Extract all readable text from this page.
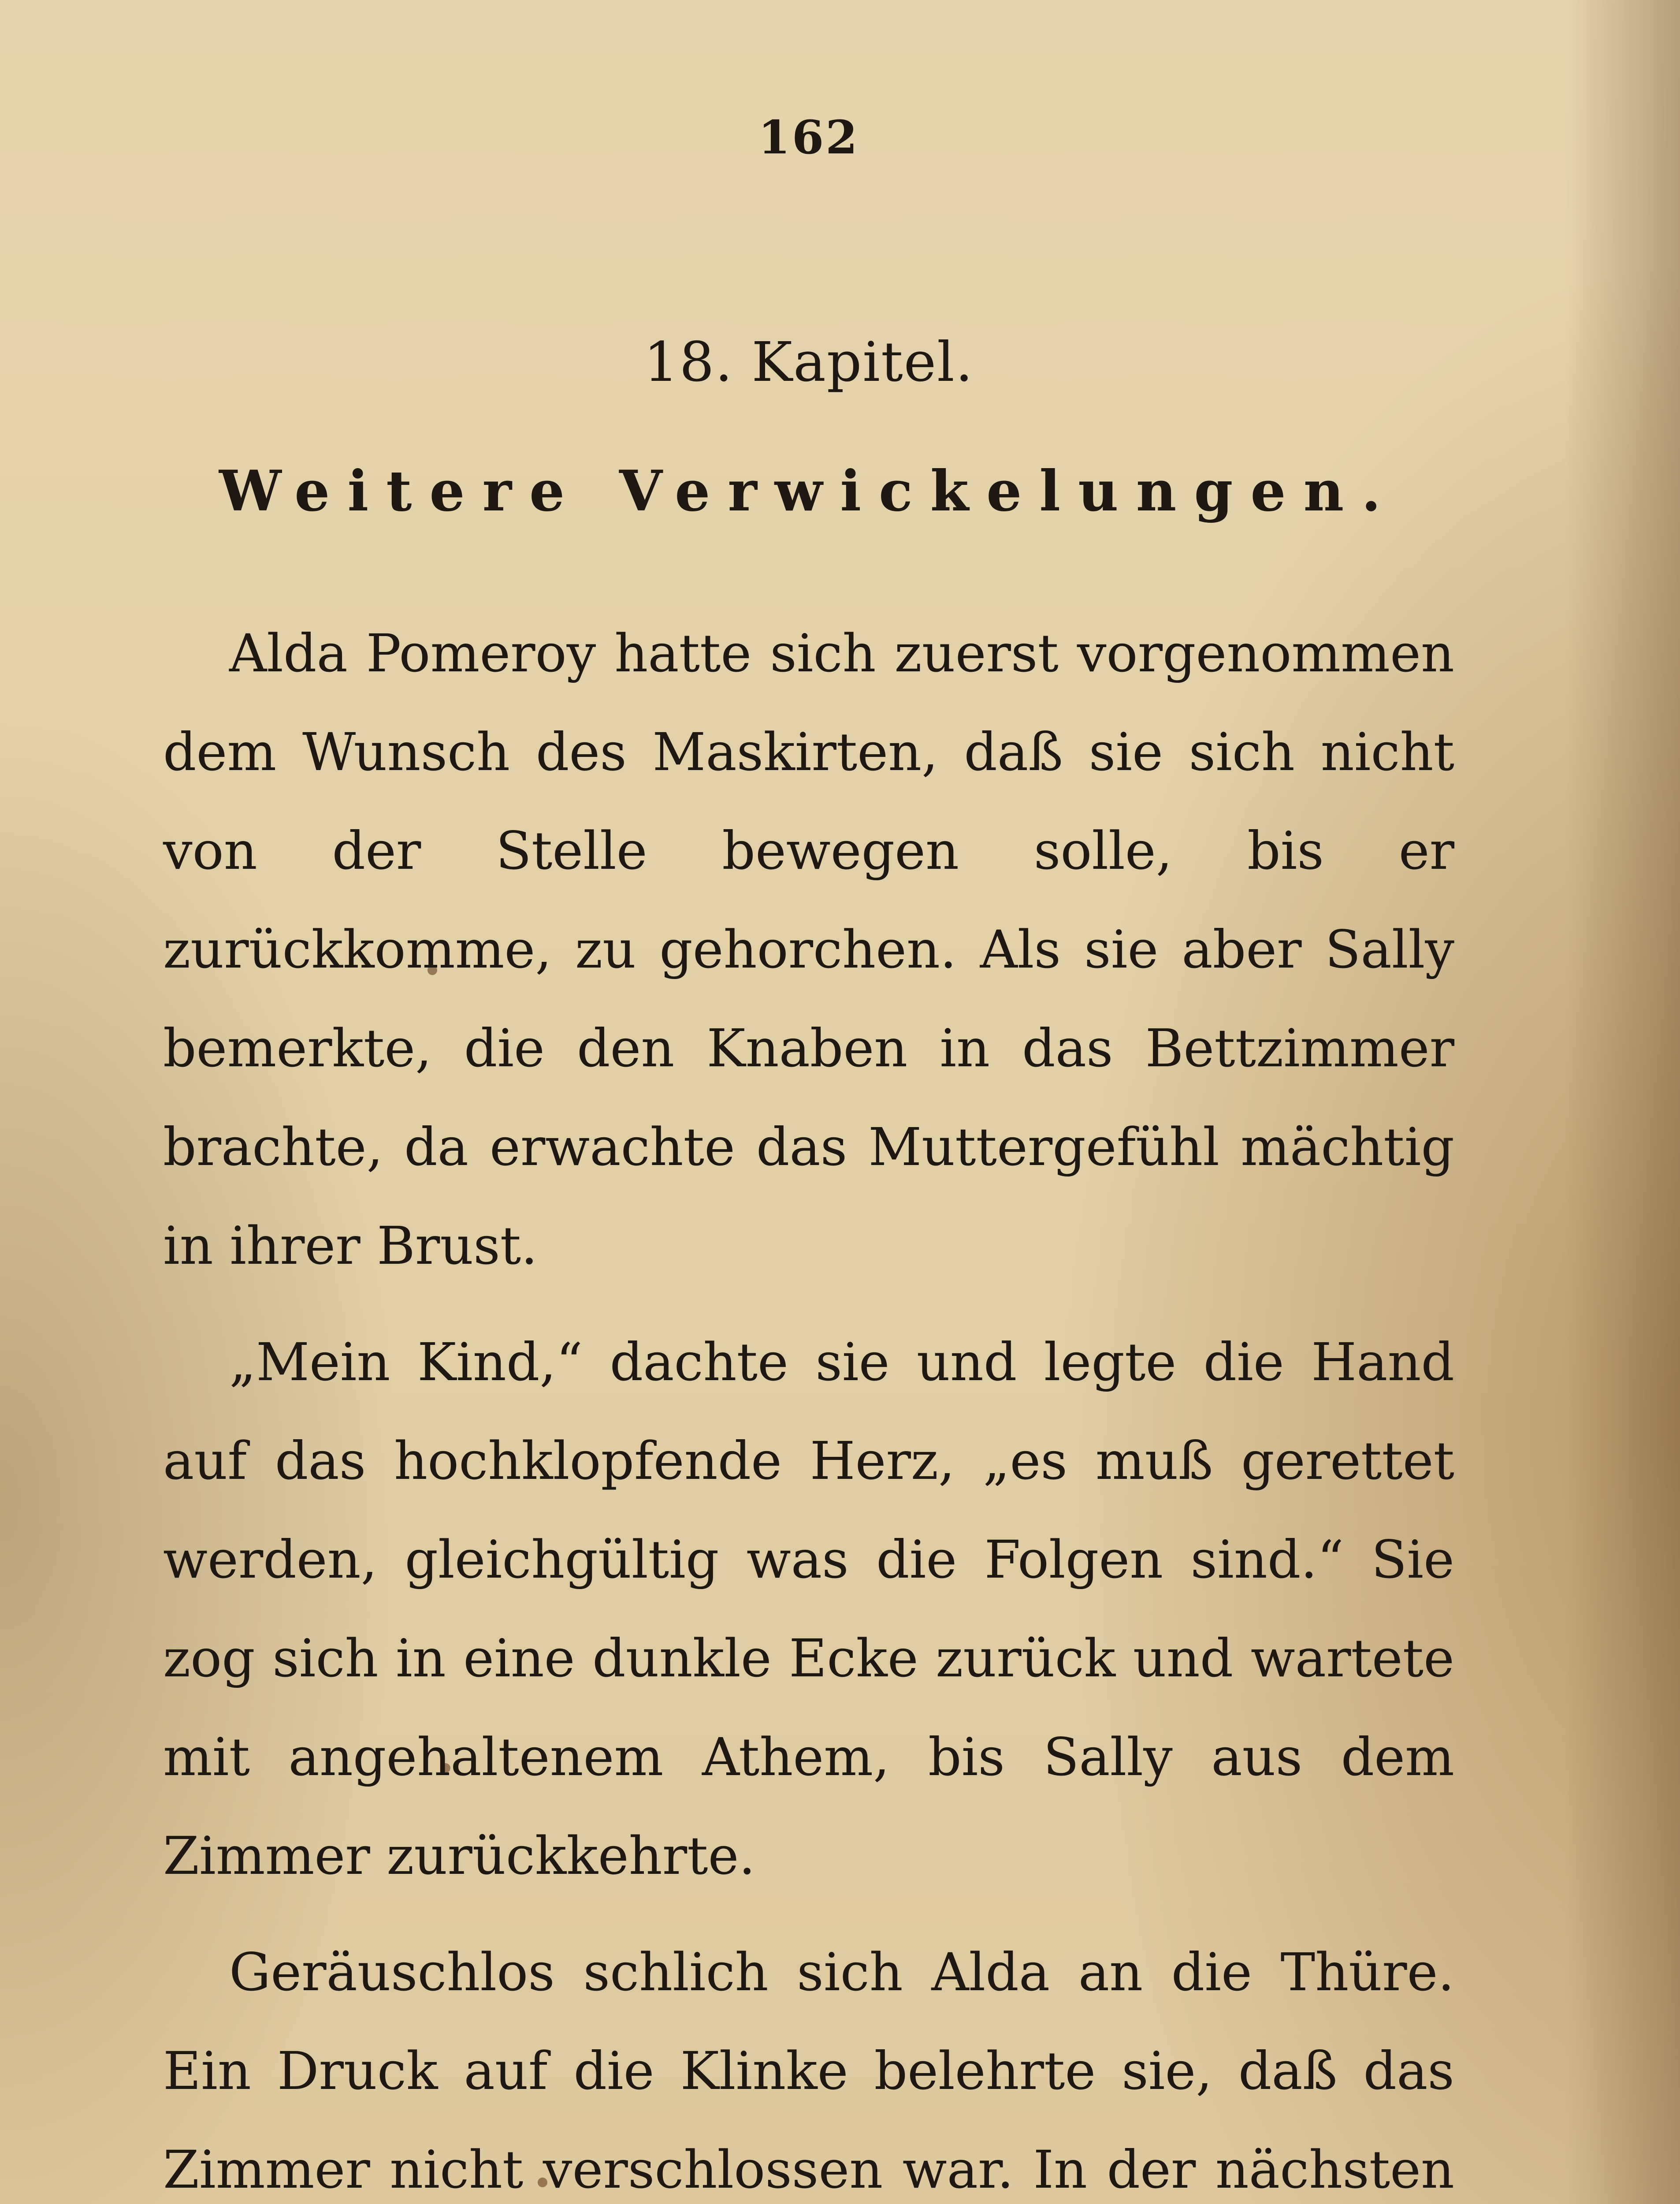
162
18. Kapitel.
Weitere Verwickelungen.

Alda Pomeroy hatte sich zuerst vorgenommen dem Wunsch des Maskirten, daß sie sich nicht von der Stelle bewegen solle, bis er zurückkomme, zu gehorchen. Als sie aber Sally bemerkte, die den Knaben in das Bettzimmer brachte, da erwachte das Muttergefühl mächtig in ihrer Brust.

„Mein Kind,“ dachte sie und legte die Hand auf das hochklopfende Herz, „es muß gerettet werden, gleichgültig was die Folgen sind.“ Sie zog sich in eine dunkle Ecke zurück und wartete mit angehaltenem Athem, bis Sally aus dem Zimmer zurückkehrte.

Geräuschlos schlich sich Alda an die Thüre. Ein Druck auf die Klinke belehrte sie, daß das Zimmer nicht verschlossen war. In der nächsten
